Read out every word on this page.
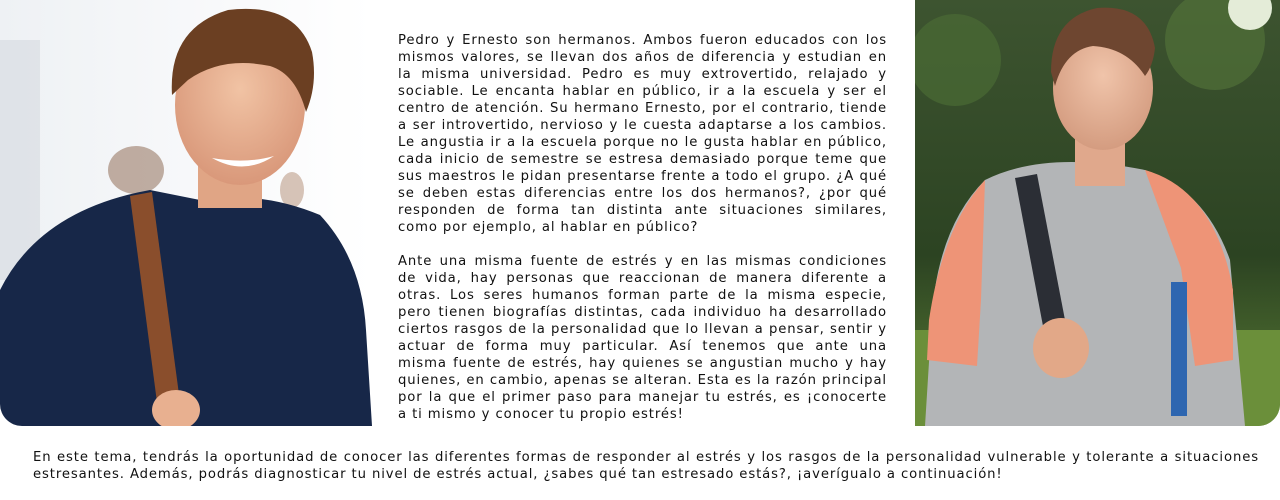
Pedro y Ernesto son hermanos. Ambos fueron educados con los mismos valores, se llevan dos años de diferencia y estudian en la misma universidad. Pedro es muy extrovertido, relajado y sociable. Le encanta hablar en público, ir a la escuela y ser el centro de atención. Su hermano Ernesto, por el contrario, tiende a ser introvertido, nervioso y le cuesta adaptarse a los cambios. Le angustia ir a la escuela porque no le gusta hablar en público, cada inicio de semestre se estresa demasiado porque teme que sus maestros le pidan presentarse frente a todo el grupo. ¿A qué se deben estas diferencias entre los dos hermanos?, ¿por qué responden de forma tan distinta ante situaciones similares, como por ejemplo, al hablar en público?

Ante una misma fuente de estrés y en las mismas condiciones de vida, hay personas que reaccionan de manera diferente a otras. Los seres humanos forman parte de la misma especie, pero tienen biografías distintas, cada individuo ha desarrollado ciertos rasgos de la personalidad que lo llevan a pensar, sentir y actuar de forma muy particular. Así tenemos que ante una misma fuente de estrés, hay quienes se angustian mucho y hay quienes, en cambio, apenas se alteran. Esta es la razón principal por la que el primer paso para manejar tu estrés, es ¡conocerte a ti mismo y conocer tu propio estrés!

En este tema, tendrás la oportunidad de conocer las diferentes formas de responder al estrés y los rasgos de la personalidad vulnerable y tolerante a situaciones estresantes. Además, podrás diagnosticar tu nivel de estrés actual, ¿sabes qué tan estresado estás?, ¡averígualo a continuación!
